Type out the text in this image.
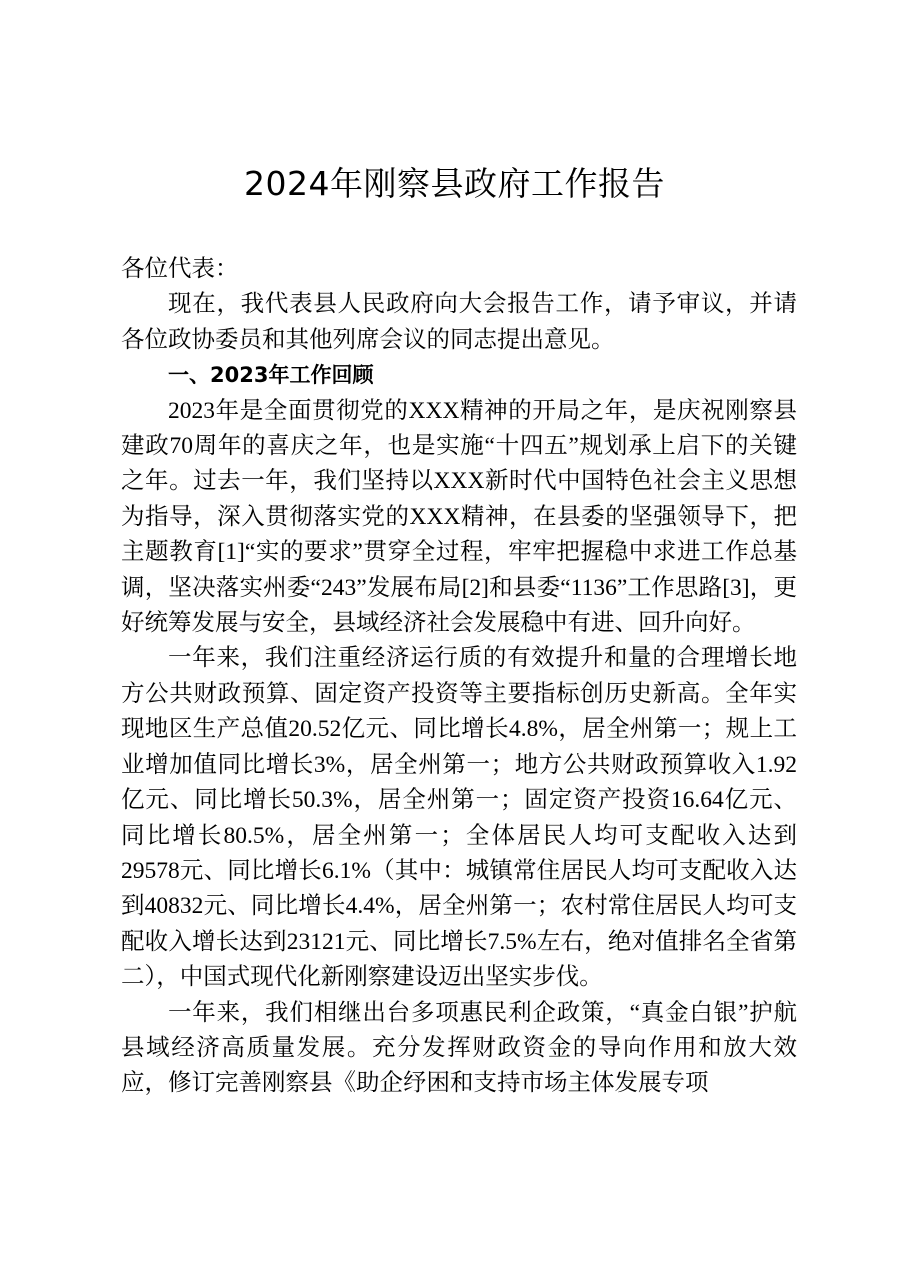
2024年刚察县政府工作报告

各位代表：

现在，我代表县人民政府向大会报告工作，请予审议，并请各位政协委员和其他列席会议的同志提出意见。

一、2023年工作回顾

2023年是全面贯彻党的XXX精神的开局之年，是庆祝刚察县建政70周年的喜庆之年，也是实施“十四五”规划承上启下的关键之年。过去一年，我们坚持以XXX新时代中国特色社会主义思想为指导，深入贯彻落实党的XXX精神，在县委的坚强领导下，把主题教育[1]“实的要求”贯穿全过程，牢牢把握稳中求进工作总基调，坚决落实州委“243”发展布局[2]和县委“1136”工作思路[3]，更好统筹发展与安全，县域经济社会发展稳中有进、回升向好。

一年来，我们注重经济运行质的有效提升和量的合理增长地方公共财政预算、固定资产投资等主要指标创历史新高。全年实现地区生产总值20.52亿元、同比增长4.8%，居全州第一；规上工业增加值同比增长3%，居全州第一；地方公共财政预算收入1.92亿元、同比增长50.3%，居全州第一；固定资产投资16.64亿元、同比增长80.5%，居全州第一；全体居民人均可支配收入达到29578元、同比增长6.1%（其中：城镇常住居民人均可支配收入达到40832元、同比增长4.4%，居全州第一；农村常住居民人均可支配收入增长达到23121元、同比增长7.5%左右，绝对值排名全省第二），中国式现代化新刚察建设迈出坚实步伐。

一年来，我们相继出台多项惠民利企政策，“真金白银”护航县域经济高质量发展。充分发挥财政资金的导向作用和放大效应，修订完善刚察县《助企纾困和支持市场主体发展专项
